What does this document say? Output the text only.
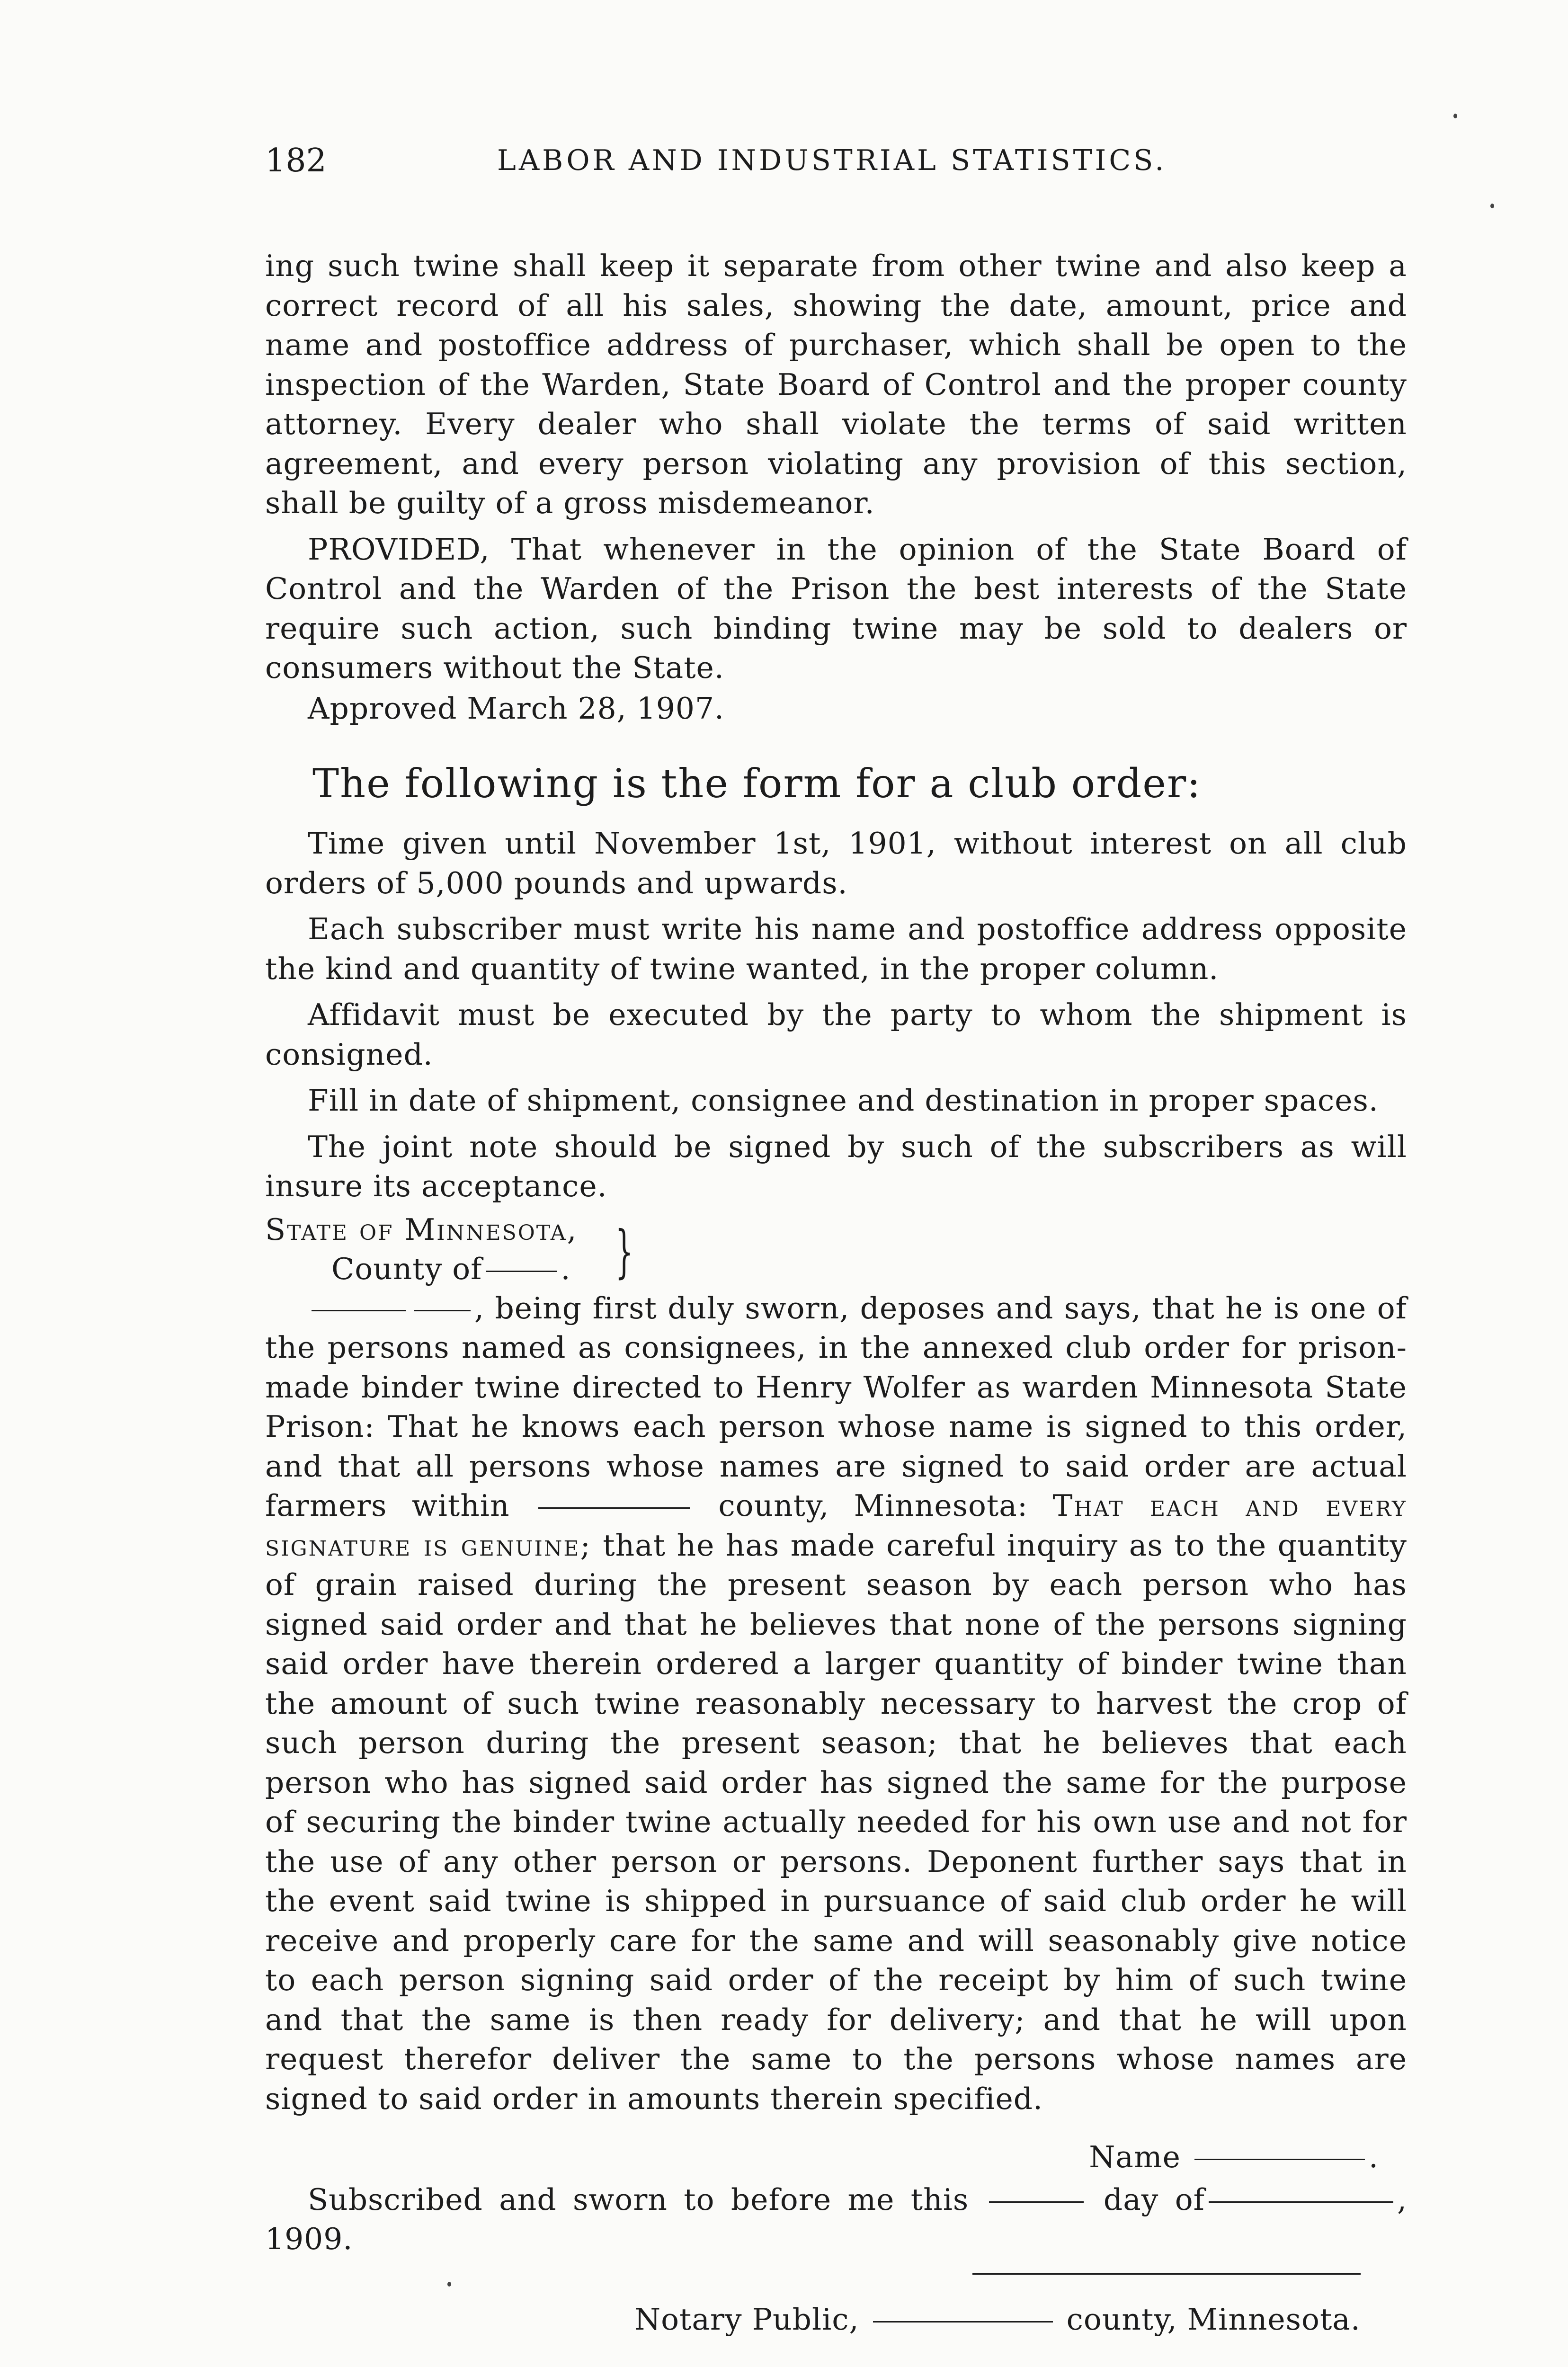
182	LABOR AND INDUSTRIAL STATISTICS.

ing such twine shall keep it separate from other twine and also keep a correct record of all his sales, showing the date, amount, price and name and postoffice address of purchaser, which shall be open to the inspection of the Warden, State Board of Control and the proper county attorney. Every dealer who shall violate the terms of said written agreement, and every person violating any provision of this section, shall be guilty of a gross misdemeanor.

PROVIDED, That whenever in the opinion of the State Board of Control and the Warden of the Prison the best interests of the State require such action, such binding twine may be sold to dealers or consumers without the State.

Approved March 28, 1907.

The following is the form for a club order:

Time given until November 1st, 1901, without interest on all club orders of 5,000 pounds and upwards.

Each subscriber must write his name and postoffice address opposite the kind and quantity of twine wanted, in the proper column.

Affidavit must be executed by the party to whom the shipment is consigned.

Fill in date of shipment, consignee and destination in proper spaces.

The joint note should be signed by such of the subscribers as will insure its acceptance.

State of Minnesota,
County of	. }

, being first duly sworn, deposes and says, that he is one of the persons named as consignees, in the annexed club order for prison-made binder twine directed to Henry Wolfer as warden Minnesota State Prison: That he knows each person whose name is signed to this order, and that all persons whose names are signed to said order are actual farmers within	county, Minnesota: That each and every signature is genuine; that he has made careful inquiry as to the quantity of grain raised during the present season by each person who has signed said order and that he believes that none of the persons signing said order have therein ordered a larger quantity of binder twine than the amount of such twine reasonably necessary to harvest the crop of such person during the present season; that he believes that each person who has signed said order has signed the same for the purpose of securing the binder twine actually needed for his own use and not for the use of any other person or persons. Deponent further says that in the event said twine is shipped in pursuance of said club order he will receive and properly care for the same and will seasonably give notice to each person signing said order of the receipt by him of such twine and that the same is then ready for delivery; and that he will upon request therefor deliver the same to the persons whose names are signed to said order in amounts therein specified.

Name	.

Subscribed and sworn to before me this	day of	, 1909.

Notary Public,	county, Minnesota.
